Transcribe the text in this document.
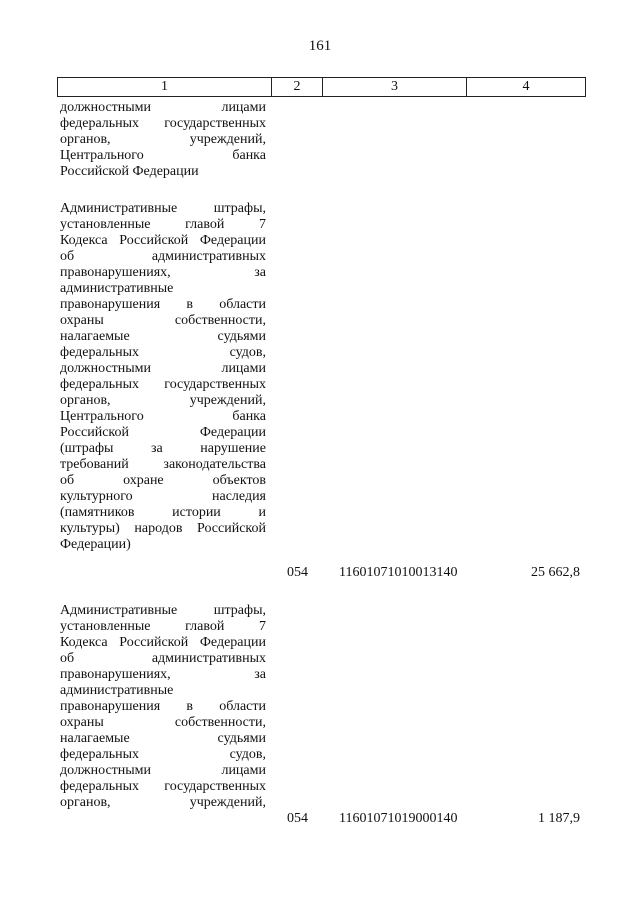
161
1	2	3	4
должностными лицами
федеральных государственных
органов, учреждений,
Центрального банка
Российской Федерации
Административные штрафы,
установленные главой 7
Кодекса Российской Федерации
об административных
правонарушениях, за
административные
правонарушения в области
охраны собственности,
налагаемые судьями
федеральных судов,
должностными лицами
федеральных государственных
органов, учреждений,
Центрального банка
Российской Федерации
(штрафы за нарушение
требований законодательства
об охране объектов
культурного наследия
(памятников истории и
культуры) народов Российской
Федерации)
054 11601071010013140	25 662,8
Административные штрафы,
установленные главой 7
Кодекса Российской Федерации
об административных
правонарушениях, за
административные
правонарушения в области
охраны собственности,
налагаемые судьями
федеральных судов,
должностными лицами
федеральных государственных
органов, учреждений,
054 11601071019000140	1 187,9
